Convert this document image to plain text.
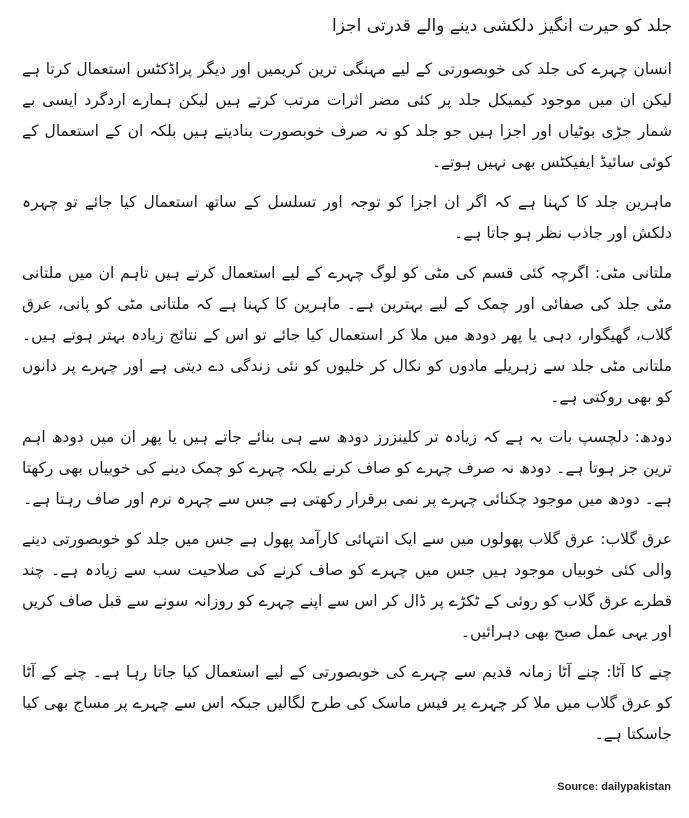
جلد کو حیرت انگیز دلکشی دینے والے قدرتی اجزا

انسان چہرے کی جلد کی خوبصورتی کے لیے مہنگی ترین کریمیں اور دیگر پراڈکٹس استعمال کرتا ہے لیکن ان میں موجود کیمیکل جلد پر کئی مضر اثرات مرتب کرتے ہیں لیکن ہمارے اردگرد ایسی بے شمار جڑی بوٹیاں اور اجزا ہیں جو جلد کو نہ صرف خوبصورت بنادیتے ہیں بلکہ ان کے استعمال کے کوئی سائیڈ ایفیکٹس بھی نہیں ہوتے۔

ماہرین جلد کا کہنا ہے کہ اگر ان اجزا کو توجہ اور تسلسل کے ساتھ استعمال کیا جائے تو چہرہ دلکش اور جاذب نظر ہو جاتا ہے۔

ملتانی مٹی: اگرچہ کئی قسم کی مٹی کو لوگ چہرے کے لیے استعمال کرتے ہیں تاہم ان میں ملتانی مٹی جلد کی صفائی اور چمک کے لیے بہترین ہے۔ ماہرین کا کہنا ہے کہ ملتانی مٹی کو پانی، عرق گلاب، گھیگوار، دہی یا پھر دودھ میں ملا کر استعمال کیا جائے تو اس کے نتائج زیادہ بہتر ہوتے ہیں۔ ملتانی مٹی جلد سے زہریلے مادوں کو نکال کر خلیوں کو نئی زندگی دے دیتی ہے اور چہرے پر دانوں کو بھی روکتی ہے۔

دودھ: دلچسپ بات یہ ہے کہ زیادہ تر کلینزرز دودھ سے ہی بنائے جاتے ہیں یا پھر ان میں دودھ اہم ترین جز ہوتا ہے۔ دودھ نہ صرف چہرے کو صاف کرنے بلکہ چہرے کو چمک دینے کی خوبیاں بھی رکھتا ہے۔ دودھ میں موجود چکنائی چہرے پر نمی برقرار رکھتی ہے جس سے چہرہ نرم اور صاف رہتا ہے۔

عرق گلاب: عرق گلاب پھولوں میں سے ایک انتہائی کارآمد پھول ہے جس میں جلد کو خوبصورتی دینے والی کئی خوبیاں موجود ہیں جس میں چہرے کو صاف کرنے کی صلاحیت سب سے زیادہ ہے۔ چند قطرے عرق گلاب کو روئی کے ٹکڑے پر ڈال کر اس سے اپنے چہرے کو روزانہ سونے سے قبل صاف کریں اور یہی عمل صبح بھی دہرائیں۔

چنے کا آٹا: چنے آٹا زمانہ قدیم سے چہرے کی خوبصورتی کے لیے استعمال کیا جاتا رہا ہے۔ چنے کے آٹا کو عرق گلاب میں ملا کر چہرے پر فیس ماسک کی طرح لگالیں جبکہ اس سے چہرے پر مساج بھی کیا جاسکتا ہے۔

Source: dailypakistan
